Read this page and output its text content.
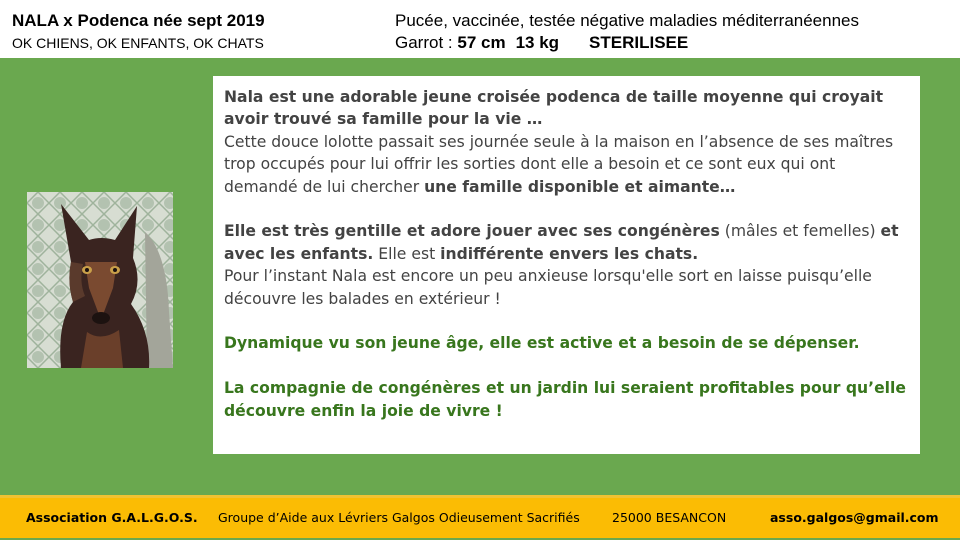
NALA x Podenca née sept 2019
OK CHIENS, OK ENFANTS, OK CHATS
Pucée, vaccinée, testée négative maladies méditerranéennes
Garrot : 57 cm 13 kg STERILISEE

Nala est une adorable jeune croisée podenca de taille moyenne qui croyait avoir trouvé sa famille pour la vie …
Cette douce lolotte passait ses journée seule à la maison en l’absence de ses maîtres trop occupés pour lui offrir les sorties dont elle a besoin et ce sont eux qui ont demandé de lui chercher une famille disponible et aimante…

Elle est très gentille et adore jouer avec ses congénères (mâles et femelles) et avec les enfants. Elle est indifférente envers les chats.
Pour l’instant Nala est encore un peu anxieuse lorsqu'elle sort en laisse puisqu’elle découvre les balades en extérieur !

Dynamique vu son jeune âge, elle est active et a besoin de se dépenser.

La compagnie de congénères et un jardin lui seraient profitables pour qu’elle découvre enfin la joie de vivre !

Association G.A.L.G.O.S. Groupe d’Aide aux Lévriers Galgos Odieusement Sacrifiés	25000 BESANCON	asso.galgos@gmail.com
